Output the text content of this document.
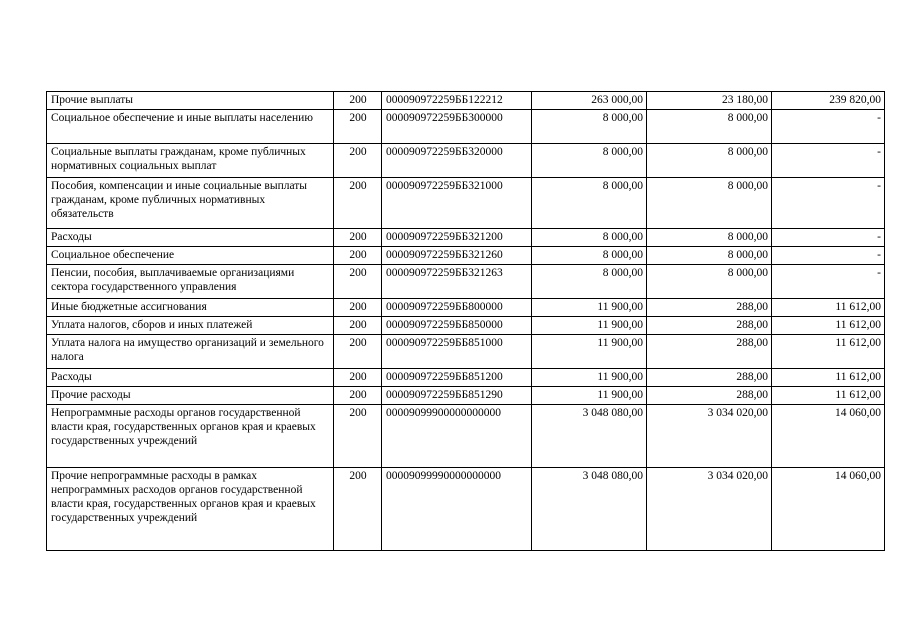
Прочие выплаты	200	000090972259ББ122212	263 000,00	23 180,00	239 820,00
Социальное обеспечение и иные выплаты населению	200	000090972259ББ300000	8 000,00	8 000,00	-
Социальные выплаты гражданам, кроме публичных нормативных социальных выплат	200	000090972259ББ320000	8 000,00	8 000,00	-
Пособия, компенсации и иные социальные выплаты гражданам, кроме публичных нормативных обязательств	200	000090972259ББ321000	8 000,00	8 000,00	-
Расходы	200	000090972259ББ321200	8 000,00	8 000,00	-
Социальное обеспечение	200	000090972259ББ321260	8 000,00	8 000,00	-
Пенсии, пособия, выплачиваемые организациями сектора государственного управления	200	000090972259ББ321263	8 000,00	8 000,00	-
Иные бюджетные ассигнования	200	000090972259ББ800000	11 900,00	288,00	11 612,00
Уплата налогов, сборов и иных платежей	200	000090972259ББ850000	11 900,00	288,00	11 612,00
Уплата налога на имущество организаций и земельного налога	200	000090972259ББ851000	11 900,00	288,00	11 612,00
Расходы	200	000090972259ББ851200	11 900,00	288,00	11 612,00
Прочие расходы	200	000090972259ББ851290	11 900,00	288,00	11 612,00
Непрограммные расходы органов государственной власти края, государственных органов края и краевых государственных учреждений	200	00009099900000000000	3 048 080,00	3 034 020,00	14 060,00
Прочие непрограммные расходы в рамках непрограммных расходов органов государственной власти края, государственных органов края и краевых государственных учреждений	200	00009099990000000000	3 048 080,00	3 034 020,00	14 060,00
